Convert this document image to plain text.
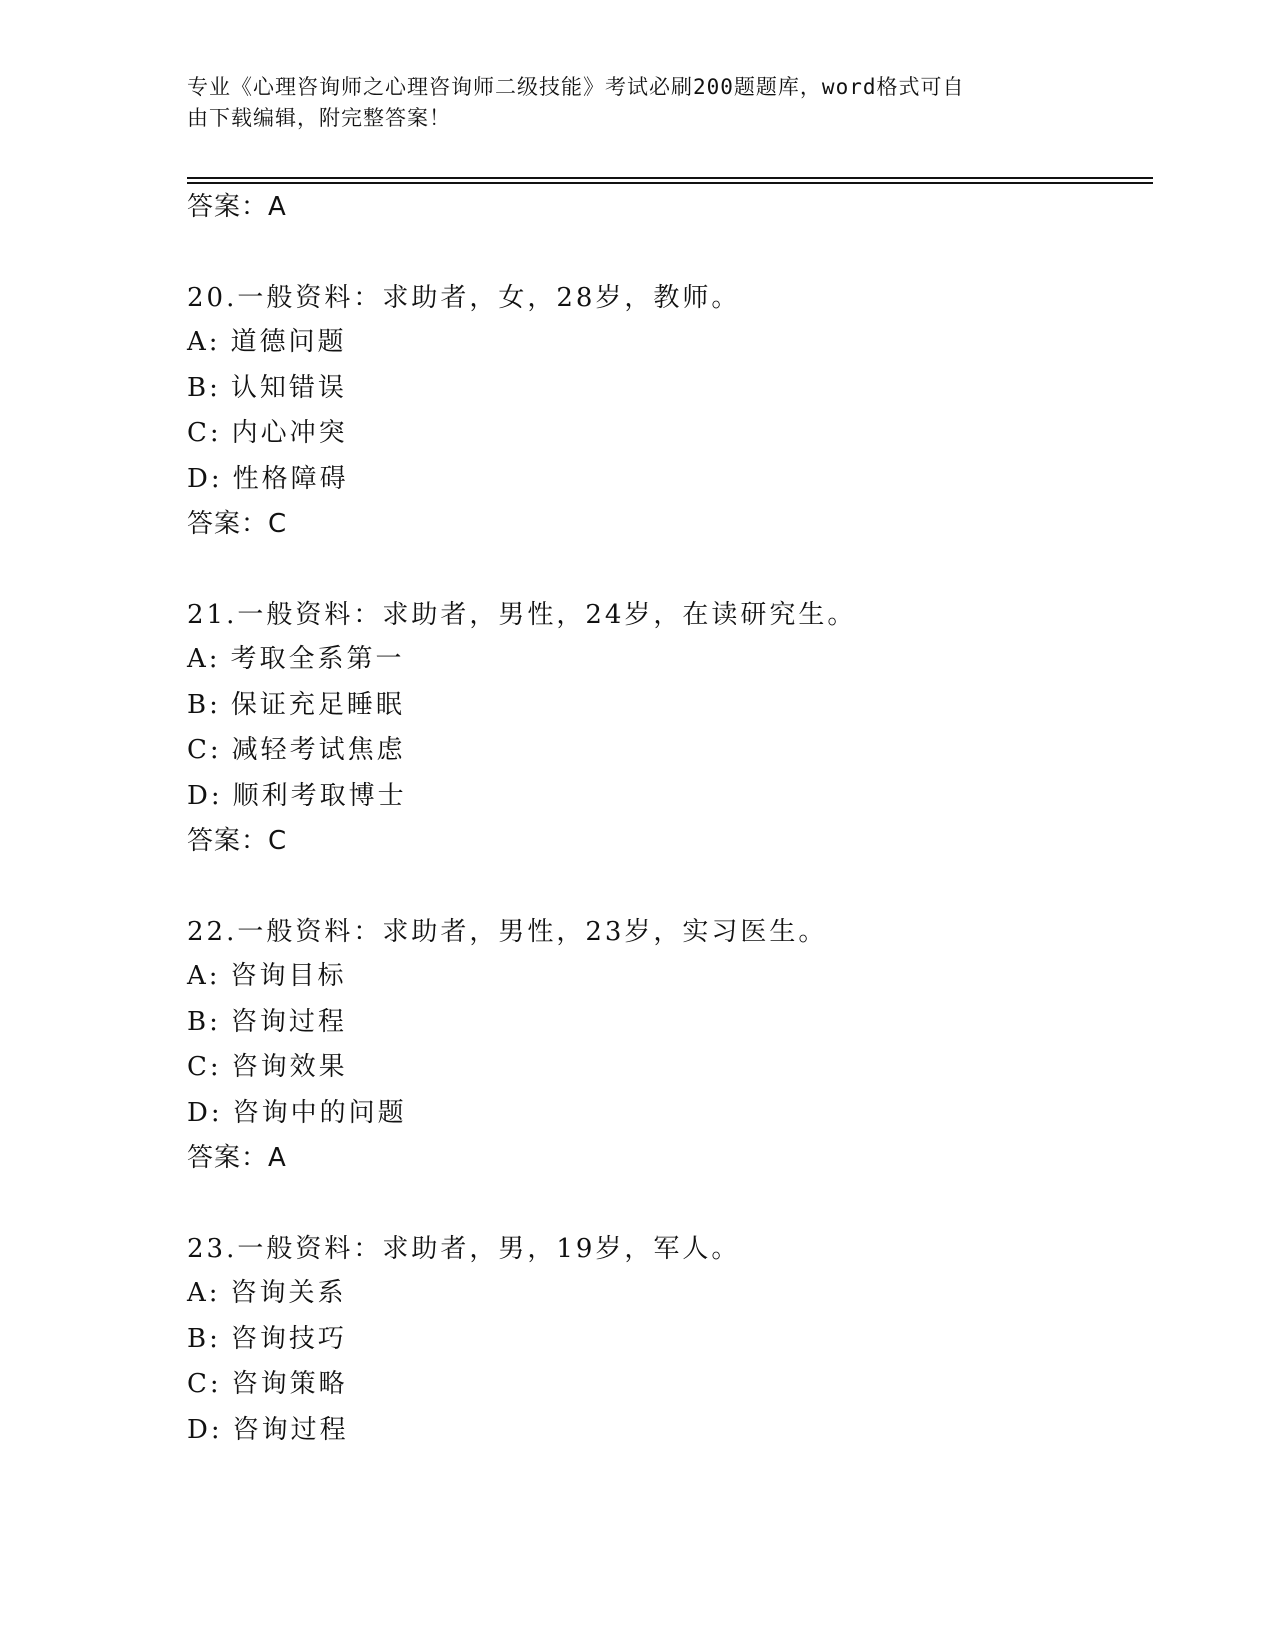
专业《心理咨询师之心理咨询师二级技能》考试必刷200题题库，word格式可自
由下载编辑，附完整答案！
答案：A
20.一般资料：求助者，女，28岁，教师。
A: 道德问题
B: 认知错误
C: 内心冲突
D: 性格障碍
答案：C
21.一般资料：求助者，男性，24岁，在读研究生。
A: 考取全系第一
B: 保证充足睡眠
C: 减轻考试焦虑
D: 顺利考取博士
答案：C
22.一般资料：求助者，男性，23岁，实习医生。
A: 咨询目标
B: 咨询过程
C: 咨询效果
D: 咨询中的问题
答案：A
23.一般资料：求助者，男，19岁，军人。
A: 咨询关系
B: 咨询技巧
C: 咨询策略
D: 咨询过程
